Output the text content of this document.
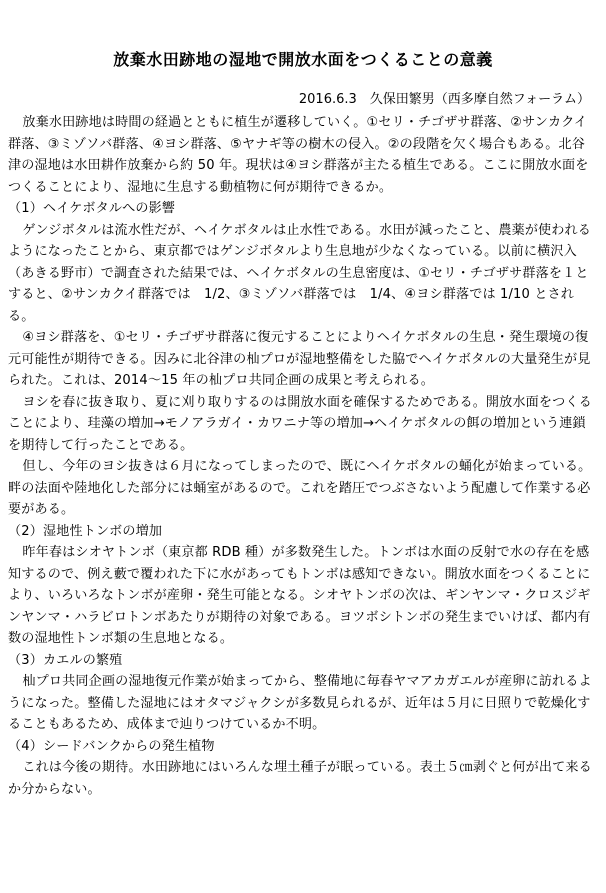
放棄水田跡地の湿地で開放水面をつくることの意義
2016.6.3　久保田繁男（西多摩自然フォーラム）

放棄水田跡地は時間の経過とともに植生が遷移していく。①セリ・チゴザサ群落、②サンカクイ群落、③ミゾソバ群落、④ヨシ群落、⑤ヤナギ等の樹木の侵入。②の段階を欠く場合もある。北谷津の湿地は水田耕作放棄から約 50 年。現状は④ヨシ群落が主たる植生である。ここに開放水面をつくることにより、湿地に生息する動植物に何が期待できるか。

（1）ヘイケボタルへの影響

ゲンジボタルは流水性だが、ヘイケボタルは止水性である。水田が減ったこと、農薬が使われるようになったことから、東京都ではゲンジボタルより生息地が少なくなっている。以前に横沢入（あきる野市）で調査された結果では、ヘイケボタルの生息密度は、①セリ・チゴザサ群落を１とすると、②サンカクイ群落では　1/2、③ミゾソバ群落では　1/4、④ヨシ群落では 1/10 とされる。

④ヨシ群落を、①セリ・チゴザサ群落に復元することによりヘイケボタルの生息・発生環境の復元可能性が期待できる。因みに北谷津の杣プロが湿地整備をした脇でヘイケボタルの大量発生が見られた。これは、2014～15 年の杣プロ共同企画の成果と考えられる。

ヨシを春に抜き取り、夏に刈り取りするのは開放水面を確保するためである。開放水面をつくることにより、珪藻の増加→モノアラガイ・カワニナ等の増加→ヘイケボタルの餌の増加という連鎖を期待して行ったことである。

但し、今年のヨシ抜きは６月になってしまったので、既にヘイケボタルの蛹化が始まっている。畔の法面や陸地化した部分には蛹室があるので。これを踏圧でつぶさないよう配慮して作業する必要がある。

（2）湿地性トンボの増加

昨年春はシオヤトンボ（東京都 RDB 種）が多数発生した。トンボは水面の反射で水の存在を感知するので、例え藪で覆われた下に水があってもトンボは感知できない。開放水面をつくることにより、いろいろなトンボが産卵・発生可能となる。シオヤトンボの次は、ギンヤンマ・クロスジギンヤンマ・ハラビロトンボあたりが期待の対象である。ヨツボシトンボの発生までいけば、都内有数の湿地性トンボ類の生息地となる。

（3）カエルの繁殖

杣プロ共同企画の湿地復元作業が始まってから、整備地に毎春ヤマアカガエルが産卵に訪れるようになった。整備した湿地にはオタマジャクシが多数見られるが、近年は５月に日照りで乾燥化することもあるため、成体まで辿りつけているか不明。

（4）シードバンクからの発生植物

これは今後の期待。水田跡地にはいろんな埋土種子が眠っている。表土５㎝剥ぐと何が出て来るか分からない。
